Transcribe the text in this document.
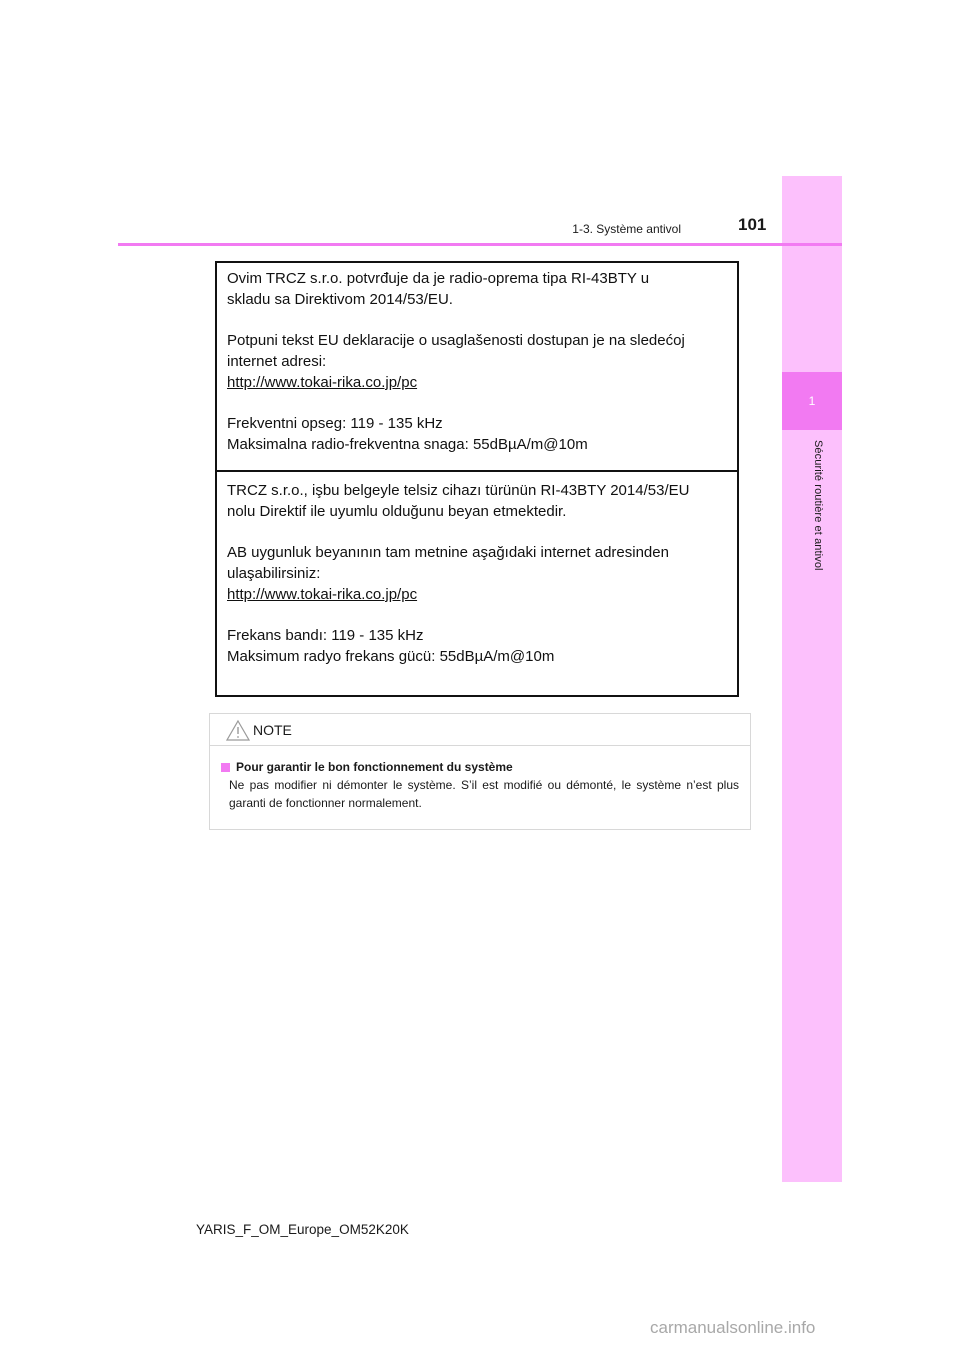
1
Sécurité routière et antivol
1-3. Système antivol	101

Ovim TRCZ s.r.o. potvrđuje da je radio-oprema tipa RI-43BTY u

skladu sa Direktivom 2014/53/EU.

Potpuni tekst EU deklaracije o usaglašenosti dostupan je na sledećoj

internet adresi:

http://www.tokai-rika.co.jp/pc

Frekventni opseg: 119 - 135 kHz

Maksimalna radio-frekventna snaga: 55dBµA/m@10m

TRCZ s.r.o., işbu belgeyle telsiz cihazı türünün RI-43BTY 2014/53/EU

nolu Direktif ile uyumlu olduğunu beyan etmektedir.

AB uygunluk beyanının tam metnine aşağıdaki internet adresinden

ulaşabilirsiniz:

http://www.tokai-rika.co.jp/pc

Frekans bandı: 119 - 135 kHz

Maksimum radyo frekans gücü: 55dBµA/m@10m

NOTE
Pour garantir le bon fonctionnement du système
Ne pas modifier ni démonter le système. S’il est modifié ou démonté, le système n’est plus garanti de fonctionner normalement.
YARIS_F_OM_Europe_OM52K20K
carmanualsonline.info
